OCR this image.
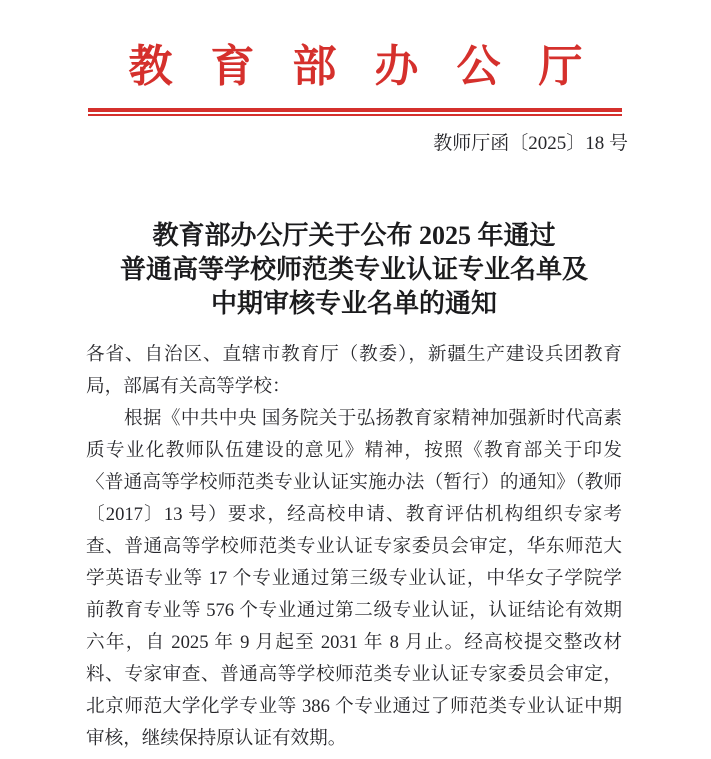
教　育　部　办　公　厅
教师厅函〔2025〕18 号
教育部办公厅关于公布 2025 年通过
普通高等学校师范类专业认证专业名单及
中期审核专业名单的通知
各省、自治区、直辖市教育厅（教委），新疆生产建设兵团教育
局，部属有关高等学校：
　　根据《中共中央 国务院关于弘扬教育家精神加强新时代高素
质专业化教师队伍建设的意见》精神，按照《教育部关于印发
〈普通高等学校师范类专业认证实施办法（暂行）的通知》（教师
〔2017〕13 号）要求，经高校申请、教育评估机构组织专家考
查、普通高等学校师范类专业认证专家委员会审定，华东师范大
学英语专业等 17 个专业通过第三级专业认证，中华女子学院学
前教育专业等 576 个专业通过第二级专业认证，认证结论有效期
六年，自 2025 年 9 月起至 2031 年 8 月止。经高校提交整改材
料、专家审查、普通高等学校师范类专业认证专家委员会审定，
北京师范大学化学专业等 386 个专业通过了师范类专业认证中期
审核，继续保持原认证有效期。
